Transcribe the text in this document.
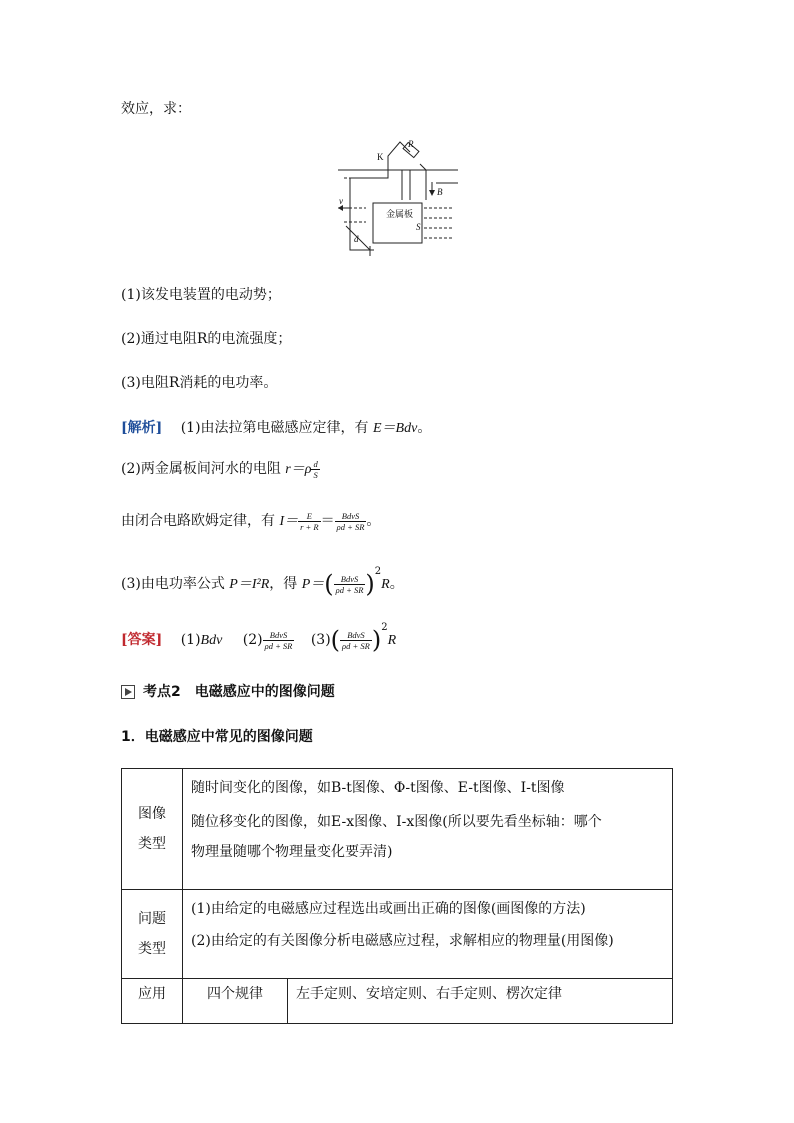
效应，求：
K
R
B
v
金属板
S
d
(1)该发电装置的电动势；
(2)通过电阻R的电流强度；
(3)电阻R消耗的电功率。
[解析] (1)由法拉第电磁感应定律，有 E＝Bdv。
(2)两金属板间河水的电阻 $r=\rho \frac{d}{S}$
由闭合电路欧姆定律，有 $I= \frac{E}{r + R} = \frac{\text{BdvS}}{\rho d + SR}$ 。
(3)由电功率公式 P＝I²R，得 $P=( \frac{\text{BdvS}}{\rho d + SR} )^2R$。
[答案] (1)Bdv $(2) \frac{\text{BdvS}}{\rho d + SR} (3)( \frac{\text{BdvS}}{\rho d + SR} )^2R$
考点2　电磁感应中的图像问题
1．电磁感应中常见的图像问题
图像类型	随时间变化的图像，如B-t图像、Φ-t图像、E-t图像、I-t图像
随位移变化的图像，如E-x图像、I-x图像(所以要先看坐标轴：哪个
物理量随哪个物理量变化要弄清)	

问题类型	(1)由给定的电磁感应过程选出或画出正确的图像(画图像的方法)
(2)由给定的有关图像分析电磁感应过程，求解相应的物理量(用图像)	

应用	四个规律	左手定则、安培定则、右手定则、楞次定律
